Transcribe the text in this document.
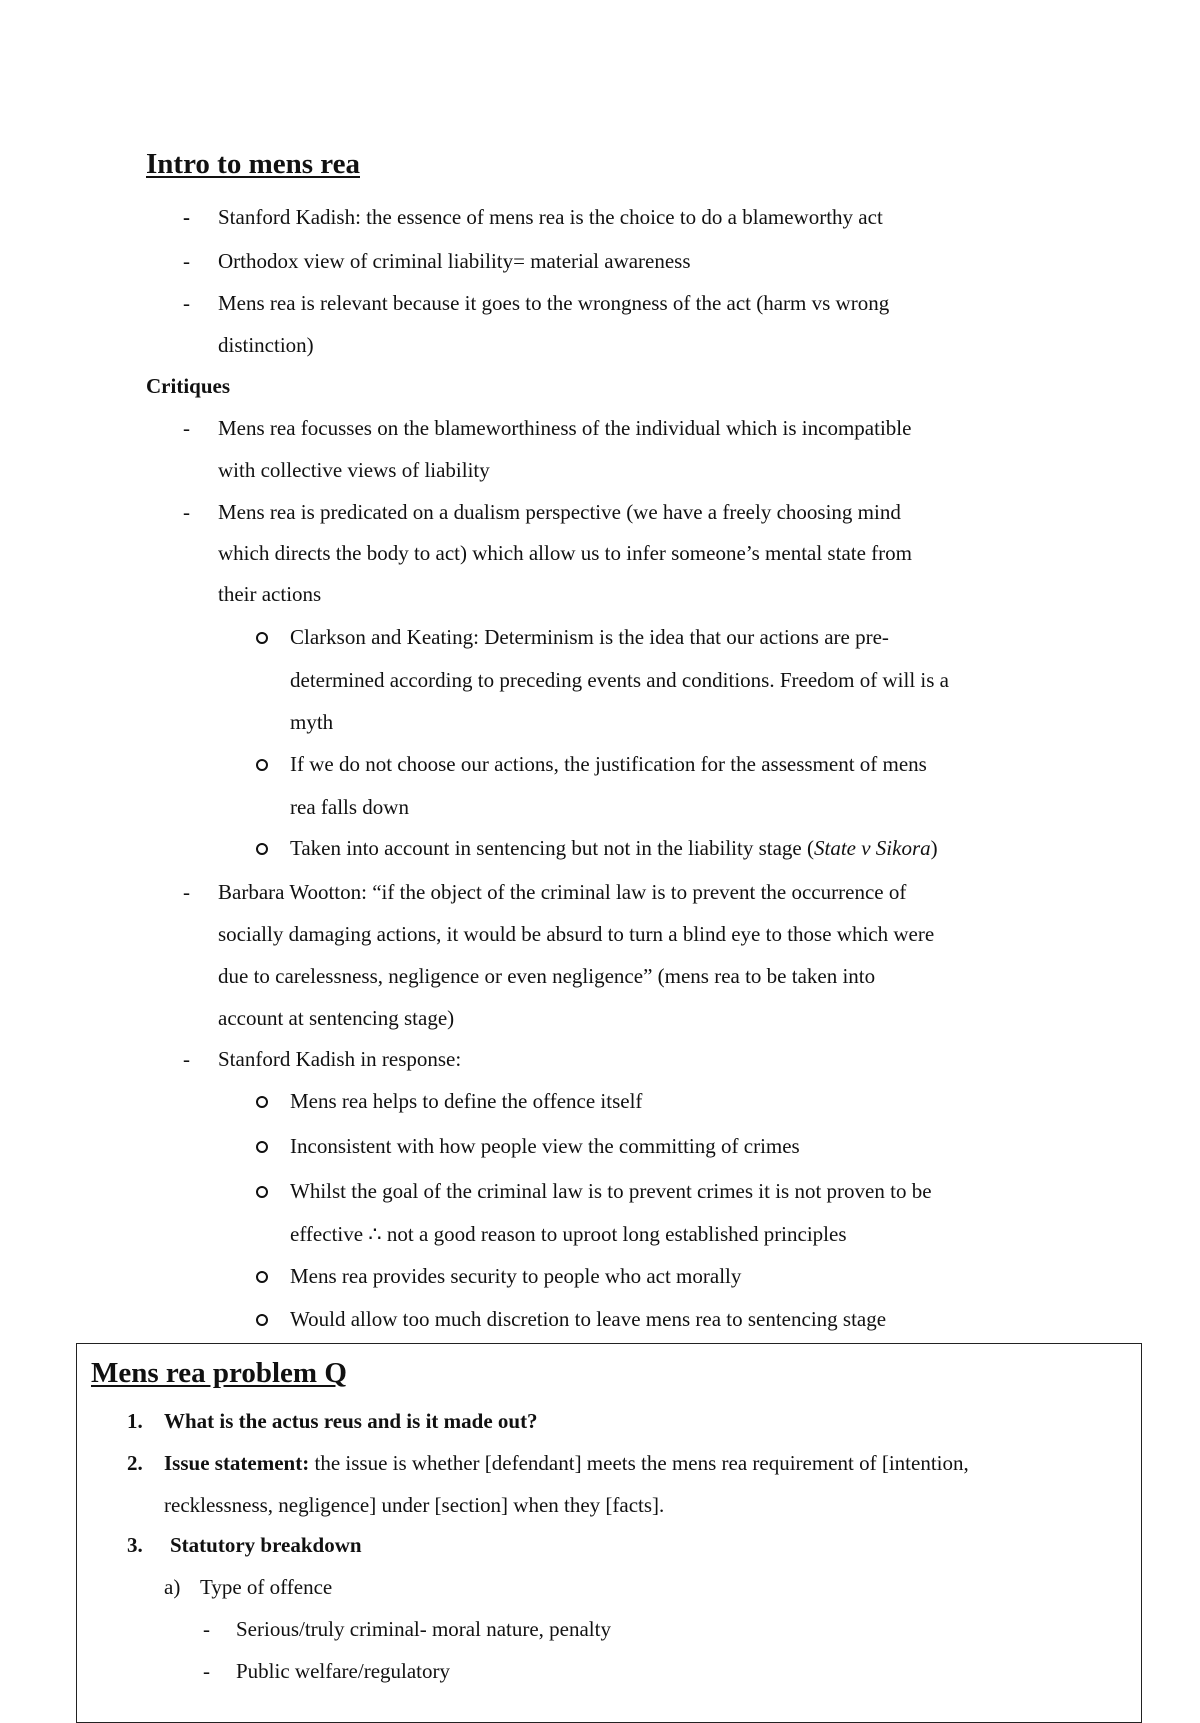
Intro to mens rea
- Stanford Kadish: the essence of mens rea is the choice to do a blameworthy act
- Orthodox view of criminal liability= material awareness
- Mens rea is relevant because it goes to the wrongness of the act (harm vs wrong
distinction)
Critiques
- Mens rea focusses on the blameworthiness of the individual which is incompatible
with collective views of liability
- Mens rea is predicated on a dualism perspective (we have a freely choosing mind
which directs the body to act) which allow us to infer someone’s mental state from
their actions
Clarkson and Keating: Determinism is the idea that our actions are pre-
determined according to preceding events and conditions. Freedom of will is a
myth
If we do not choose our actions, the justification for the assessment of mens
rea falls down
Taken into account in sentencing but not in the liability stage (State v Sikora)
- Barbara Wootton: “if the object of the criminal law is to prevent the occurrence of
socially damaging actions, it would be absurd to turn a blind eye to those which were
due to carelessness, negligence or even negligence” (mens rea to be taken into
account at sentencing stage)
- Stanford Kadish in response:
Mens rea helps to define the offence itself
Inconsistent with how people view the committing of crimes
Whilst the goal of the criminal law is to prevent crimes it is not proven to be
effective ∴ not a good reason to uproot long established principles
Mens rea provides security to people who act morally
Would allow too much discretion to leave mens rea to sentencing stage
Mens rea problem Q
1. What is the actus reus and is it made out?
2. Issue statement: the issue is whether [defendant] meets the mens rea requirement of [intention,
recklessness, negligence] under [section] when they [facts].
3. Statutory breakdown
a) Type of offence
- Serious/truly criminal- moral nature, penalty
- Public welfare/regulatory
